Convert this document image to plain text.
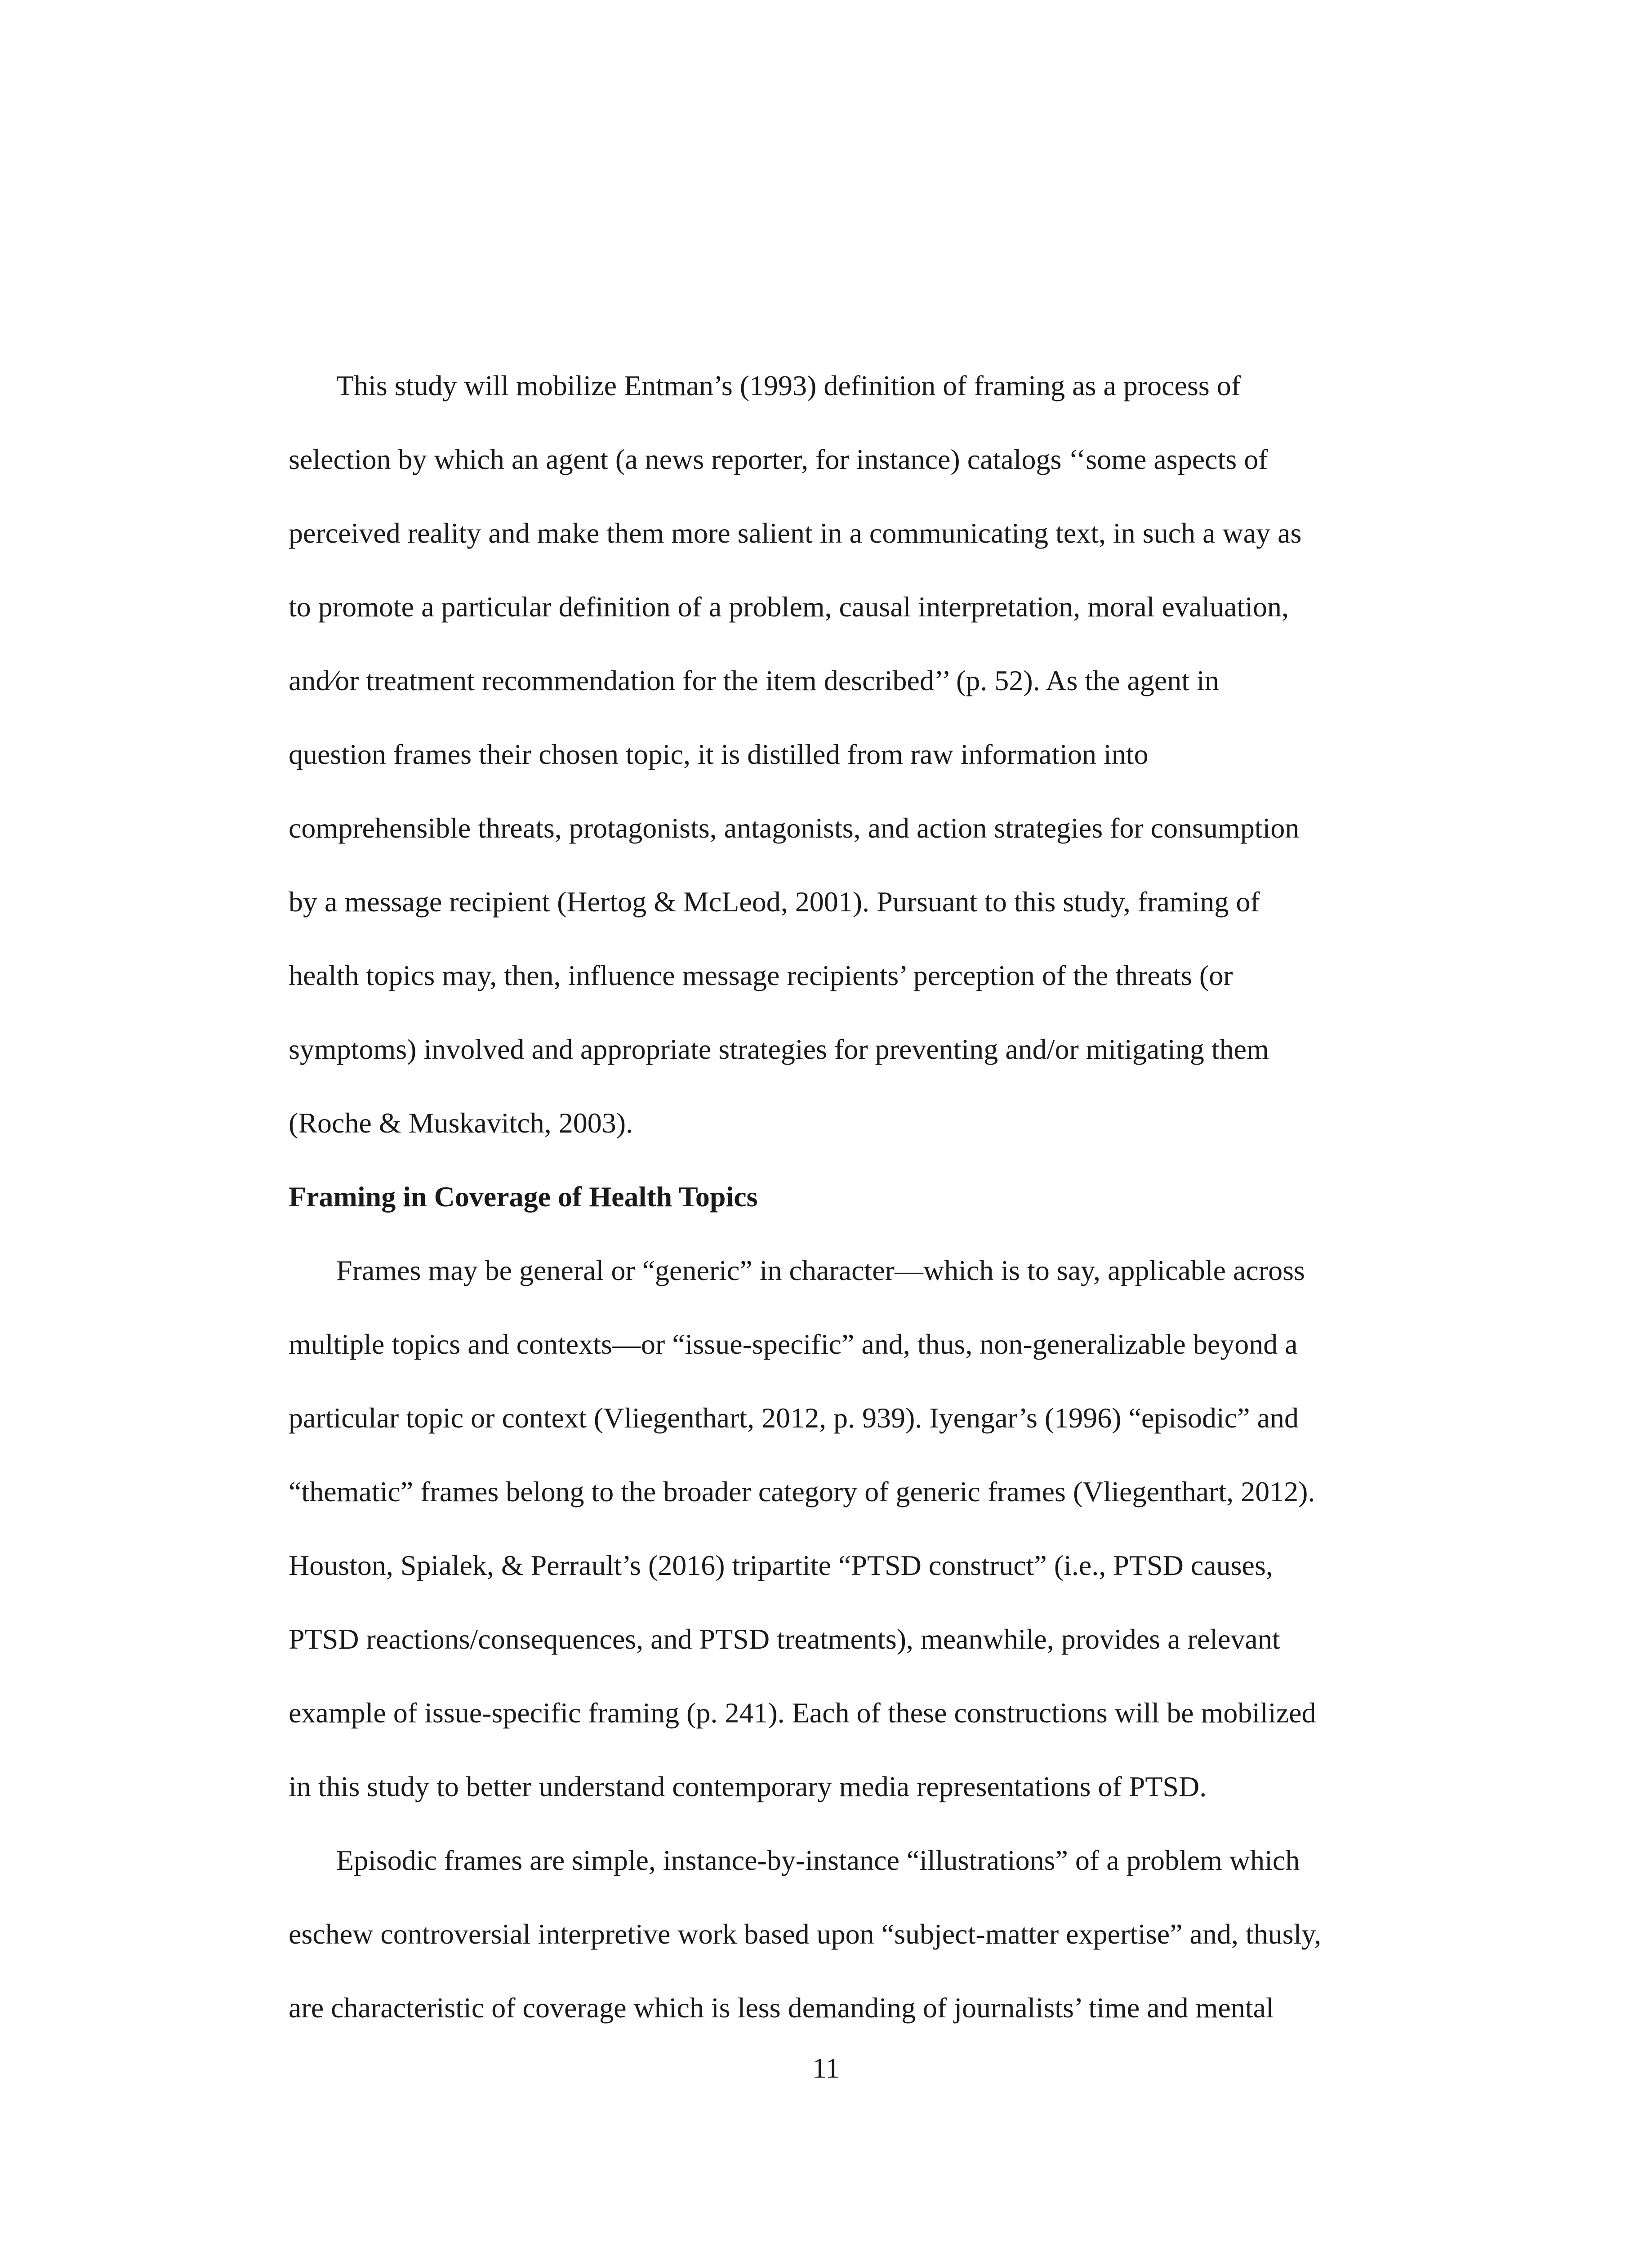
This study will mobilize Entman’s (1993) definition of framing as a process of
selection by which an agent (a news reporter, for instance) catalogs ‘‘some aspects of
perceived reality and make them more salient in a communicating text, in such a way as
to promote a particular definition of a problem, causal interpretation, moral evaluation,
and⁄or treatment recommendation for the item described’’ (p. 52). As the agent in
question frames their chosen topic, it is distilled from raw information into
comprehensible threats, protagonists, antagonists, and action strategies for consumption
by a message recipient (Hertog & McLeod, 2001). Pursuant to this study, framing of
health topics may, then, influence message recipients’ perception of the threats (or
symptoms) involved and appropriate strategies for preventing and/or mitigating them
(Roche & Muskavitch, 2003).
Framing in Coverage of Health Topics
Frames may be general or “generic” in character—which is to say, applicable across
multiple topics and contexts—or “issue-specific” and, thus, non-generalizable beyond a
particular topic or context (Vliegenthart, 2012, p. 939). Iyengar’s (1996) “episodic” and
“thematic” frames belong to the broader category of generic frames (Vliegenthart, 2012).
Houston, Spialek, & Perrault’s (2016) tripartite “PTSD construct” (i.e., PTSD causes,
PTSD reactions/consequences, and PTSD treatments), meanwhile, provides a relevant
example of issue-specific framing (p. 241). Each of these constructions will be mobilized
in this study to better understand contemporary media representations of PTSD.
Episodic frames are simple, instance-by-instance “illustrations” of a problem which
eschew controversial interpretive work based upon “subject-matter expertise” and, thusly,
are characteristic of coverage which is less demanding of journalists’ time and mental
11
